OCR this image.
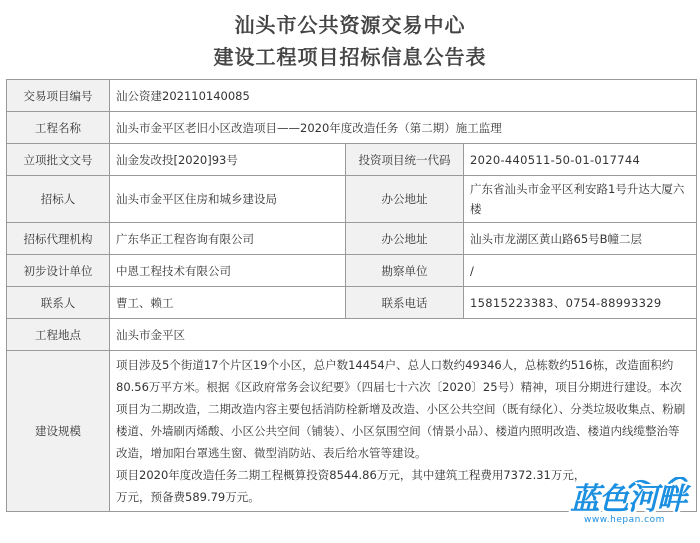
汕头市公共资源交易中心
建设工程项目招标信息公告表
交易项目编号	汕公资建202110140085		
工程名称	汕头市金平区老旧小区改造项目——2020年度改造任务（第二期）施工监理		
立项批文文号	汕金发改投[2020]93号	投资项目统一代码	2020-440511-50-01-017744
招标人	汕头市金平区住房和城乡建设局	办公地址	广东省汕头市金平区利安路1号升达大厦六楼
招标代理机构	广东华正工程咨询有限公司	办公地址	汕头市龙湖区黄山路65号B幢二层
初步设计单位	中恩工程技术有限公司	勘察单位	/
联系人	曹工、赖工	联系电话	15815223383、0754-88993329
工程地点	汕头市金平区		
建设规模	项目涉及5个街道17个片区19个小区，总户数14454户、总人口数约49346人，总栋数约516栋，改造面积约80.56万平方米。根据《区政府常务会议纪要》（四届七十六次〔2020〕25号）精神，项目分期进行建设。本次项目为二期改造，二期改造内容主要包括消防栓新增及改造、小区公共空间（既有绿化）、分类垃圾收集点、粉刷楼道、外墙刷丙烯酸、小区公共空间（铺装）、小区氛围空间（情景小品）、楼道内照明改造、楼道内线缆整治等改造，增加阳台罩逃生窗、微型消防站、表后给水管等建设。
项目2020年度改造任务二期工程概算投资8544.86万元，其中建筑工程费用7372.31万元，
万元，预备费589.79万元。			蓝色河畔
www.hepan.com
